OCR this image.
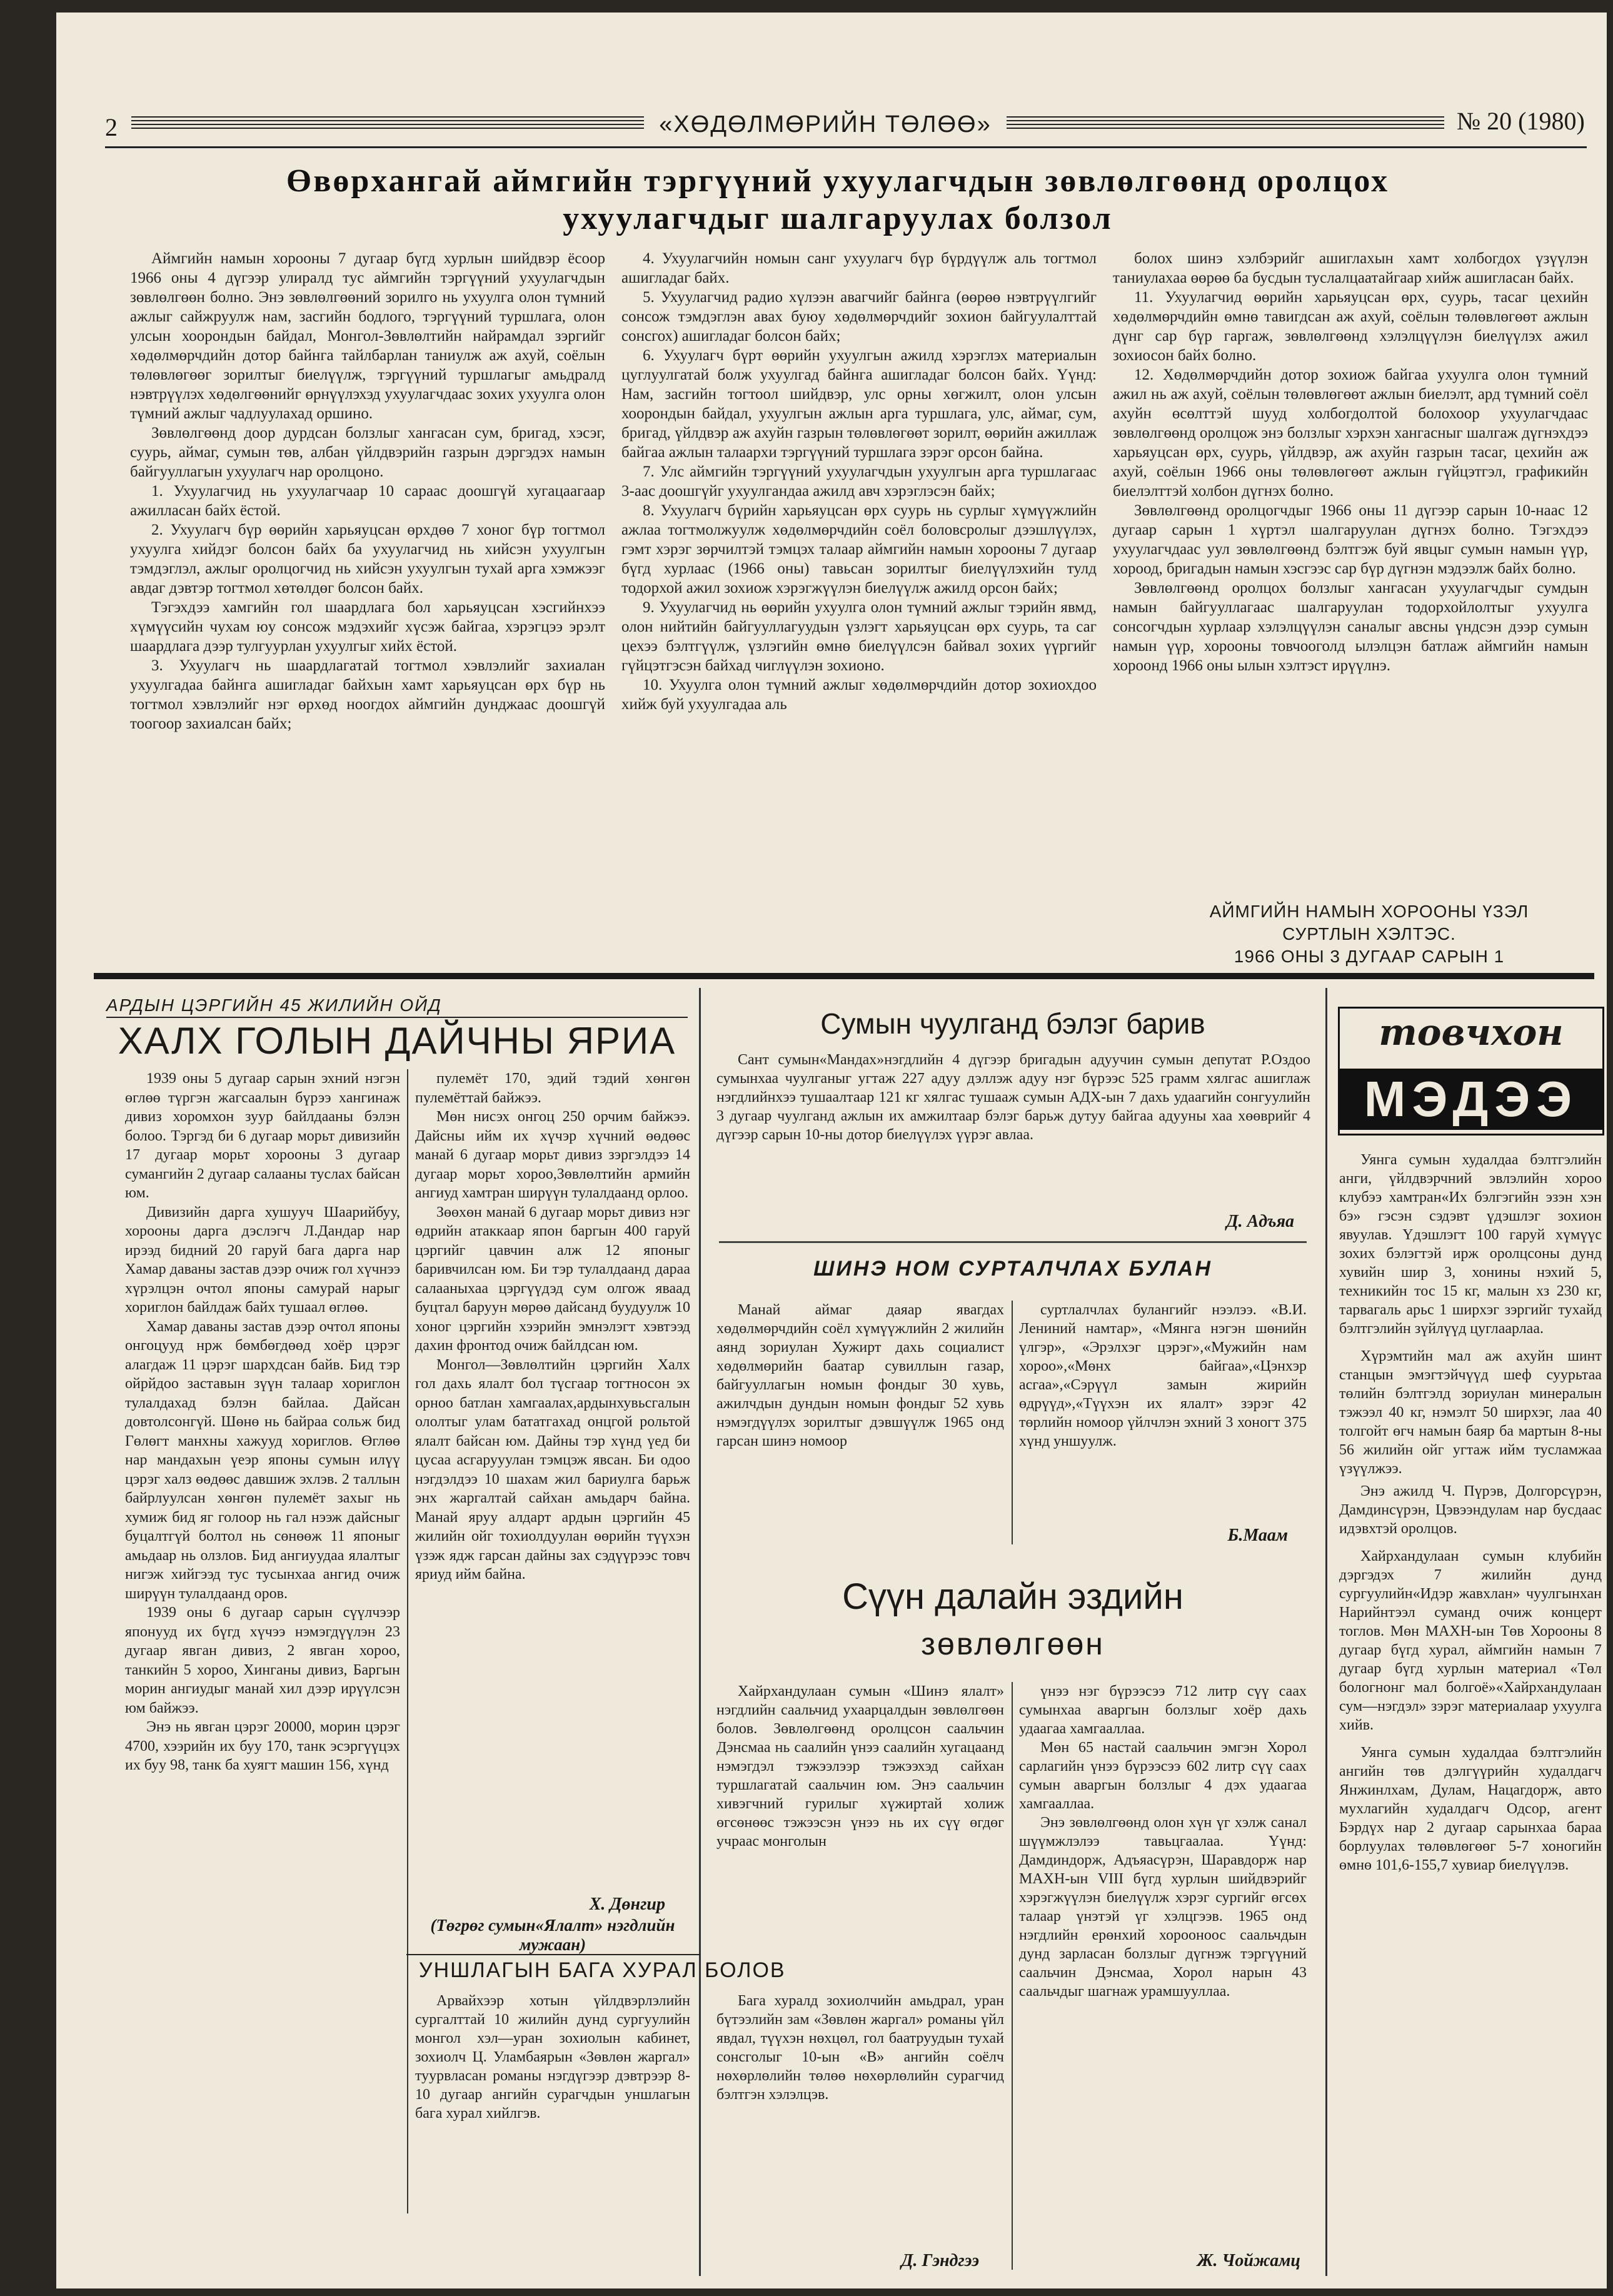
2	«ХӨДӨЛМӨРИЙН ТӨЛӨӨ»	№ 20 (1980)
Өвөрхангай аймгийн тэргүүний ухуулагчдын зөвлөлгөөнд оролцох ухуулагчдыг шалгаруулах болзол

Аймгийн намын хорооны 7 дугаар бүгд хурлын шийдвэр ёсоор 1966 оны 4 дүгээр улиралд тус аймгийн тэргүүний ухуулагчдын зөвлөлгөөн болно. Энэ зөвлөлгөөний зорилго нь ухуулга олон түмний ажлыг сайжруулж нам, засгийн бодлого, тэргүүний туршлага, олон улсын хоорондын байдал, Монгол-Зөвлөлтийн найрамдал зэргийг хөдөлмөрчдийн дотор байнга тайлбарлан таниулж аж ахуй, соёлын төлөвлөгөөг зорилтыг биелүүлж, тэргүүний туршлагыг амьдралд нэвтрүүлэх хөдөлгөөнийг өрнүүлэхэд ухуулагчдаас зохих ухуулга олон түмний ажлыг чадлуулахад оршино.

Зөвлөлгөөнд доор дурдсан болзлыг хангасан сум, бригад, хэсэг, суурь, аймаг, сумын төв, албан үйлдвэрийн газрын дэргэдэх намын байгууллагын ухуулагч нар оролцоно.

1. Ухуулагчид нь ухуулагчаар 10 сараас доошгүй хугацаагаар ажилласан байх ёстой.

2. Ухуулагч бүр өөрийн харьяуцсан өрхдөө 7 хоног бүр тогтмол ухуулга хийдэг болсон байх ба ухуулагчид нь хийсэн ухуулгын тэмдэглэл, ажлыг оролцогчид нь хийсэн ухуулгын тухай арга хэмжээг авдаг дэвтэр тогтмол хөтөлдөг болсон байх.

Тэгэхдээ хамгийн гол шаардлага бол харьяуцсан хэсгийнхээ хүмүүсийн чухам юу сонсож мэдэхийг хүсэж байгаа, хэрэгцээ эрэлт шаардлага дээр тулгуурлан ухуулгыг хийх ёстой.

3. Ухуулагч нь шаардлагатай тогтмол хэвлэлийг захиалан ухуулгадаа байнга ашигладаг байхын хамт харьяуцсан өрх бүр нь тогтмол хэвлэлийг нэг өрхөд ноогдох аймгийн дунджаас доошгүй тоогоор захиалсан байх;

4. Ухуулагчийн номын санг ухуулагч бүр бүрдүүлж аль тогтмол ашигладаг байх.

5. Ухуулагчид радио хүлээн авагчийг байнга (өөрөө нэвтрүүлгийг сонсож тэмдэглэн авах буюу хөдөлмөрчдийг зохион байгуулалттай сонсгох) ашигладаг болсон байх;

6. Ухуулагч бүрт өөрийн ухуулгын ажилд хэрэглэх материалын цуглуулгатай болж ухуулгад байнга ашигладаг болсон байх. Үүнд: Нам, засгийн тогтоол шийдвэр, улс орны хөгжилт, олон улсын хоорондын байдал, ухуулгын ажлын арга туршлага, улс, аймаг, сум, бригад, үйлдвэр аж ахуйн газрын төлөвлөгөөт зорилт, өөрийн ажиллаж байгаа ажлын талаархи тэргүүний туршлага зэрэг орсон байна.

7. Улс аймгийн тэргүүний ухуулагчдын ухуулгын арга туршлагаас 3-аас доошгүйг ухуулгандаа ажилд авч хэрэглэсэн байх;

8. Ухуулагч бүрийн харьяуцсан өрх суурь нь сурлыг хүмүүжлийн ажлаа тогтмолжуулж хөдөлмөрчдийн соёл боловсролыг дээшлүүлэх, гэмт хэрэг зөрчилтэй тэмцэх талаар аймгийн намын хорооны 7 дугаар бүгд хурлаас (1966 оны) тавьсан зорилтыг биелүүлэхийн тулд тодорхой ажил зохиож хэрэгжүүлэн биелүүлж ажилд орсон байх;

9. Ухуулагчид нь өөрийн ухуулга олон түмний ажлыг тэрийн явмд, олон нийтийн байгууллагуудын үзлэгт харьяуцсан өрх суурь, та саг цехээ бэлтгүүлж, үзлэгийн өмнө биелүүлсэн байвал зохих үүргийг гүйцэтгэсэн байхад чиглүүлэн зохионо.

10. Ухуулга олон түмний ажлыг хөдөлмөрчдийн дотор зохиохдоо хийж буй ухуулгадаа аль

болох шинэ хэлбэрийг ашиглахын хамт холбогдох үзүүлэн таниулахаа өөрөө ба бусдын туслалцаатайгаар хийж ашигласан байх.

11. Ухуулагчид өөрийн харьяуцсан өрх, суурь, тасаг цехийн хөдөлмөрчдийн өмнө тавигдсан аж ахуй, соёлын төлөвлөгөөт ажлын дүнг сар бүр гаргаж, зөвлөлгөөнд хэлэлцүүлэн биелүүлэх ажил зохиосон байх болно.

12. Хөдөлмөрчдийн дотор зохиож байгаа ухуулга олон түмний ажил нь аж ахуй, соёлын төлөвлөгөөт ажлын биелэлт, ард түмний соёл ахуйн өсөлттэй шууд холбогдолтой болохоор ухуулагчдаас зөвлөлгөөнд оролцож энэ болзлыг хэрхэн хангасныг шалгаж дүгнэхдээ харьяуцсан өрх, суурь, үйлдвэр, аж ахуйн газрын тасаг, цехийн аж ахуй, соёлын 1966 оны төлөвлөгөөт ажлын гүйцэтгэл, графикийн биелэлттэй холбон дүгнэх болно.

Зөвлөлгөөнд оролцогчдыг 1966 оны 11 дүгээр сарын 10-наас 12 дугаар сарын 1 хүртэл шалгаруулан дүгнэх болно. Тэгэхдээ ухуулагчдаас уул зөвлөлгөөнд бэлтгэж буй явцыг сумын намын үүр, хороод, бригадын намын хэсгээс сар бүр дүгнэн мэдээлж байх болно.

Зөвлөлгөөнд оролцох болзлыг хангасан ухуулагчдыг сумдын намын байгууллагаас шалгаруулан тодорхойлолтыг ухуулга сонсогчдын хурлаар хэлэлцүүлэн саналыг авсны үндсэн дээр сумын намын үүр, хорооны товчооголд ылэлцэн батлаж аймгийн намын хороонд 1966 оны ылын хэлтэст ирүүлнэ.

АЙМГИЙН НАМЫН ХОРООНЫ ҮЗЭЛ
СУРТЛЫН ХЭЛТЭС.
1966 ОНЫ 3 ДУГААР САРЫН 1
АРДЫН ЦЭРГИЙН 45 ЖИЛИЙН ОЙД
ХАЛХ ГОЛЫН ДАЙЧНЫ ЯРИА

1939 оны 5 дугаар сарын эхний нэгэн өглөө түргэн жагсаалын бүрээ хангинаж дивиз хоромхон зуур байлдааны бэлэн болоо. Тэргэд би 6 дугаар морьт дивизийн 17 дугаар морьт хорооны 3 дугаар сумангийн 2 дугаар салааны туслах байсан юм.

Дивизийн дарга хушууч Шаарийбуу, хорооны дарга дэслэгч Л.Дандар нар ирээд бидний 20 гаруй бага дарга нар Хамар даваны застав дээр очиж гол хүчнээ хүрэлцэн очтол японы самурай нарыг хориглон байлдаж байх тушаал өглөө.

Хамар даваны застав дээр очтол японы онгоцууд нрж бөмбөгдөөд хоёр цэрэг алагдаж 11 цэрэг шархдсан байв. Бид тэр ойрйдоо заставын зүүн талаар хориглон тулалдахад бэлэн байлаа. Дайсан довтолсонгүй. Шөнө нь байраа сольж бид Гөлөгт манхны хажууд хориглов. Өглөө нар мандахын үеэр японы сумын илүү цэрэг халз өөдөөс давшиж эхлэв. 2 таллын байрлуулсан хөнгөн пулемёт захыг нь хумиж бид яг голоор нь гал нээж дайсныг буцалтгүй болтол нь сөнөөж 11 японыг амьдаар нь олзлов. Бид ангиуудаа ялалтыг нигэж хийгээд тус тусынхаа ангид очиж ширүүн тулалдаанд оров.

1939 оны 6 дугаар сарын сүүлчээр японууд их бүгд хүчээ нэмэгдүүлэн 23 дугаар явган дивиз, 2 явган хороо, танкийн 5 хороо, Хинганы дивиз, Баргын морин ангиудыг манай хил дээр ирүүлсэн юм байжээ.

Энэ нь явган цэрэг 20000, морин цэрэг 4700, хээрийн их буу 170, танк эсэргүүцэх их буу 98, танк ба хуягт машин 156, хүнд

пулемёт 170, эдий тэдий хөнгөн пулемёттай байжээ.

Мөн нисэх онгоц 250 орчим байжээ. Дайсны ийм их хүчэр хүчний өөдөөс манай 6 дугаар морьт дивиз зэргэлдээ 14 дугаар морьт хороо,Зөвлөлтийн армийн ангиуд хамтран ширүүн тулалдаанд орлоо.

Зөөхөн манай 6 дугаар морьт дивиз нэг өдрийн атаккаар япон баргын 400 гаруй цэргийг цавчин алж 12 японыг баривчилсан юм. Би тэр тулалдаанд дараа салааныхаа цэргүүдэд сум олгож яваад буцтал баруун мөрөө дайсанд буудуулж 10 хоног цэргийн хээрийн эмнэлэгт хэвтээд дахин фронтод очиж байлдсан юм.

Монгол—Зөвлөлтийн цэргийн Халх гол дахь ялалт бол түсгаар тогтносон эх орноо батлан хамгаалах,ардынхувьсгалын ололтыг улам бататгахад онцгой рольтой ялалт байсан юм. Дайны тэр хүнд үед би цусаа асгарууулан тэмцэж явсан. Би одоо нэгдэлдээ 10 шахам жил бариулга барьж энх жаргалтай сайхан амьдарч байна. Манай яруу алдарт ардын цэргийн 45 жилийн ойг тохиолдуулан өөрийн түүхэн үзэж ядж гарсан дайны зах сэдүүрээс товч яриуд ийм байна.

Х. Дөнгир
(Төгрөг сумын«Ялалт» нэгдлийн мужаан)
Сумын чуулганд бэлэг барив

Сант сумын«Мандах»нэгдлийн 4 дүгээр бригадын адуучин сумын депутат Р.Оздоо сумынхаа чуулганыг угтаж 227 адуу дэллэж адуу нэг бүрээс 525 грамм хялгас ашиглаж нэгдлийнхээ тушаалтаар 121 кг хялгас тушааж сумын АДХ-ын 7 дахь удаагийн сонгуулийн 3 дугаар чуулганд ажлын их амжилтаар бэлэг барьж дутуу байгаа адууны хаа хөөврийг 4 дүгээр сарын 10-ны дотор биелүүлэх үүрэг авлаа.

Д. Адъяа
ШИНЭ НОМ СУРТАЛЧЛАХ БУЛАН

Манай аймаг даяар явагдах хөдөлмөрчдийн соёл хүмүүжлийн 2 жилийн аянд зориулан Хужирт дахь социалист хөдөлмөрийн баатар сувиллын газар, байгууллагын номын фондыг 30 хувь, ажилчдын дундын номын фондыг 52 хувь нэмэгдүүлэх зорилтыг дэвшүүлж 1965 онд гарсан шинэ номоор

суртлалчлах булангийг нээлээ. «В.И. Лениний намтар», «Мянга нэгэн шөнийн үлгэр», «Эрэлхэг цэрэг»,«Мужийн нам хороо»,«Мөнх байгаа»,«Цэнхэр асгаа»,«Сэрүүл замын жирийн өдрүүд»,«Түүхэн их ялалт» зэрэг 42 төрлийн номоор үйлчлэн эхний 3 хоногт 375 хүнд уншуулж.

Б.Маам
Сүүн далайн эздийн
зөвлөлгөөн

Хайрхандулаан сумын «Шинэ ялалт» нэгдлийн саальчид ухаарцалдын зөвлөлгөөн болов. Зөвлөлгөөнд оролцсон саальчин Дэнсмаа нь саалийн үнээ саалийн хугацаанд нэмэгдэл тэжээлээр тэжээхэд сайхан туршлагатай саальчин юм. Энэ саальчин хивэгчний гурилыг хүжиртай холиж өгсөнөөс тэжээсэн үнээ нь их сүү өгдөг учраас монголын

үнээ нэг бүрээсээ 712 литр сүү саах сумынхаа аваргын болзлыг хоёр дахь удаагаа хамгааллаа.

Мөн 65 настай саальчин эмгэн Хорол сарлагийн үнээ бүрээсээ 602 литр сүү саах сумын аваргын болзлыг 4 дэх удаагаа хамгааллаа.

Энэ зөвлөлгөөнд олон хүн үг хэлж санал шүүмжлэлээ тавьцгаалаа. Үүнд: Дамдиндорж, Адъяасүрэн, Шаравдорж нар МАХН-ын VIII бүгд хурлын шийдвэрийг хэрэгжүүлэн биелүүлж хэрэг сургийг өгсөх талаар үнэтэй үг хэлцгээв. 1965 онд нэгдлийн ерөнхий хорооноос саальчдын дунд зарласан болзлыг дүгнэж тэргүүний саальчин Дэнсмаа, Хорол нарын 43 саальчдыг шагнаж урамшууллаа.

Ж. Чойжамц
УНШЛАГЫН БАГА ХУРАЛ БОЛОВ

Арвайхээр хотын үйлдвэрлэлийн сургалттай 10 жилийн дунд сургуулийн монгол хэл—уран зохиолын кабинет, зохиолч Ц. Уламбаярын «Зөвлөн жаргал» туурвласан романы нэгдүгээр дэвтрээр 8-10 дугаар ангийн сурагчдын уншлагын бага хурал хийлгэв.

Бага хуралд зохиолчийн амьдрал, уран бүтээлийн зам «Зөвлөн жаргал» романы үйл явдал, түүхэн нөхцөл, гол баатруудын тухай сонсголыг 10-ын «В» ангийн соёлч нөхөрлөлийн төлөө нөхөрлөлийн сурагчид бэлтгэн хэлэлцэв.

Д. Гэндгээ
товчхон
МЭДЭЭ

Уянга сумын худалдаа бэлтгэлийн анги, үйлдвэрчний эвлэлийн хороо клубээ хамтран«Их бэлгэгийн эзэн хэн бэ» гэсэн сэдэвт үдэшлэг зохион явуулав. Үдэшлэгт 100 гаруй хүмүүс зохих бэлэгтэй ирж оролцсоны дунд хувийн шир 3, хонины нэхий 5, техникийн тос 15 кг, малын хз 230 кг, тарвагаль арьс 1 ширхэг зэргийг тухайд бэлтгэлийн зүйлүүд цуглаарлаа.

Хүрэмтийн мал аж ахуйн шинт станцын эмэгтэйчүүд шеф суурьтаа төлийн бэлтгэлд зориулан минералын тэжээл 40 кг, нэмэлт 50 ширхэг, лаа 40 толгойт өгч намын баяр ба мартын 8-ны 56 жилийн ойг угтаж ийм тусламжаа үзүүлжээ.

Энэ ажилд Ч. Пүрэв, Долгорсүрэн, Дамдинсүрэн, Цэвээндулам нар бусдаас идэвхтэй оролцов.

Хайрхандулаан сумын клубийн дэргэдэх 7 жилийн дунд сургуулийн«Идэр жавхлан» чуулгынхан Нарийнтээл суманд очиж концерт тоглов. Мөн МАХН-ын Төв Хорооны 8 дугаар бүгд хурал, аймгийн намын 7 дугаар бүгд хурлын материал «Төл бологнонг мал болгоё»«Хайрхандулаан сум—нэгдэл» зэрэг материалаар ухуулга хийв.

Уянга сумын худалдаа бэлтгэлийн ангийн төв дэлгүүрийн худалдагч Янжинлхам, Дулам, Нацагдорж, авто мухлагийн худалдагч Одсор, агент Бэрдүх нар 2 дугаар сарынхаа бараа борлуулах төлөвлөгөөг 5-7 хоногийн өмнө 101,6-155,7 хувиар биелүүлэв.
